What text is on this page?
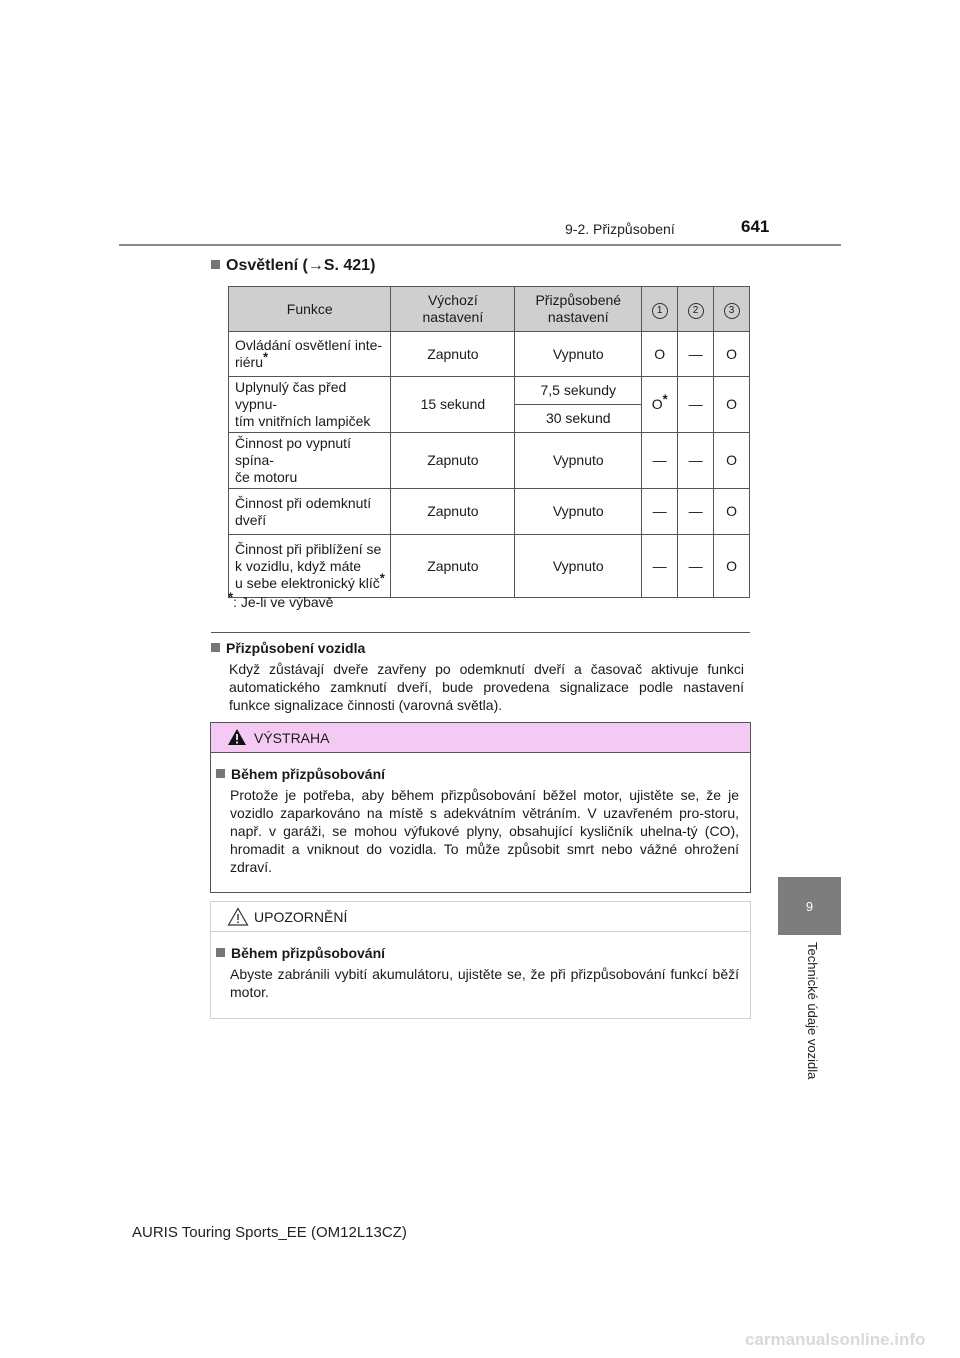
9-2. Přizpůsobení	641
9
Technické údaje vozidla
Osvětlení (→S. 421)
Funkce	Výchozí nastavení	Přizpůsobené nastavení	1	2	3
Ovládání osvětlení inte-
riéru*	Zapnuto	Vypnuto	O	—	O
Uplynulý čas před vypnu-
tím vnitřních lampiček	15 sekund	7,5 sekundy	O*	—	O
		30 sekund			
Činnost po vypnutí spína-
če motoru	Zapnuto	Vypnuto	—	—	O
Činnost při odemknutí
dveří	Zapnuto	Vypnuto	—	—	O
Činnost při přiblížení se
k vozidlu, když máte
u sebe elektronický klíč*	Zapnuto	Vypnuto	—	—	O
*: Je-li ve výbavě
Přizpůsobení vozidla
Když zůstávají dveře zavřeny po odemknutí dveří a časovač aktivuje funkci automatického zamknutí dveří, bude provedena signalizace podle nastavení funkce signalizace činnosti (varovná světla).
VÝSTRAHA
Během přizpůsobování
Protože je potřeba, aby během přizpůsobování běžel motor, ujistěte se, že je vozidlo zaparkováno na místě s adekvátním větráním. V uzavřeném pro-storu, např. v garáži, se mohou výfukové plyny, obsahující kysličník uhelna-tý (CO), hromadit a vniknout do vozidla. To může způsobit smrt nebo vážné ohrožení zdraví.
UPOZORNĚNÍ
Během přizpůsobování
Abyste zabránili vybití akumulátoru, ujistěte se, že při přizpůsobování funkcí běží motor.
AURIS Touring Sports_EE (OM12L13CZ)
carmanualsonline.info
